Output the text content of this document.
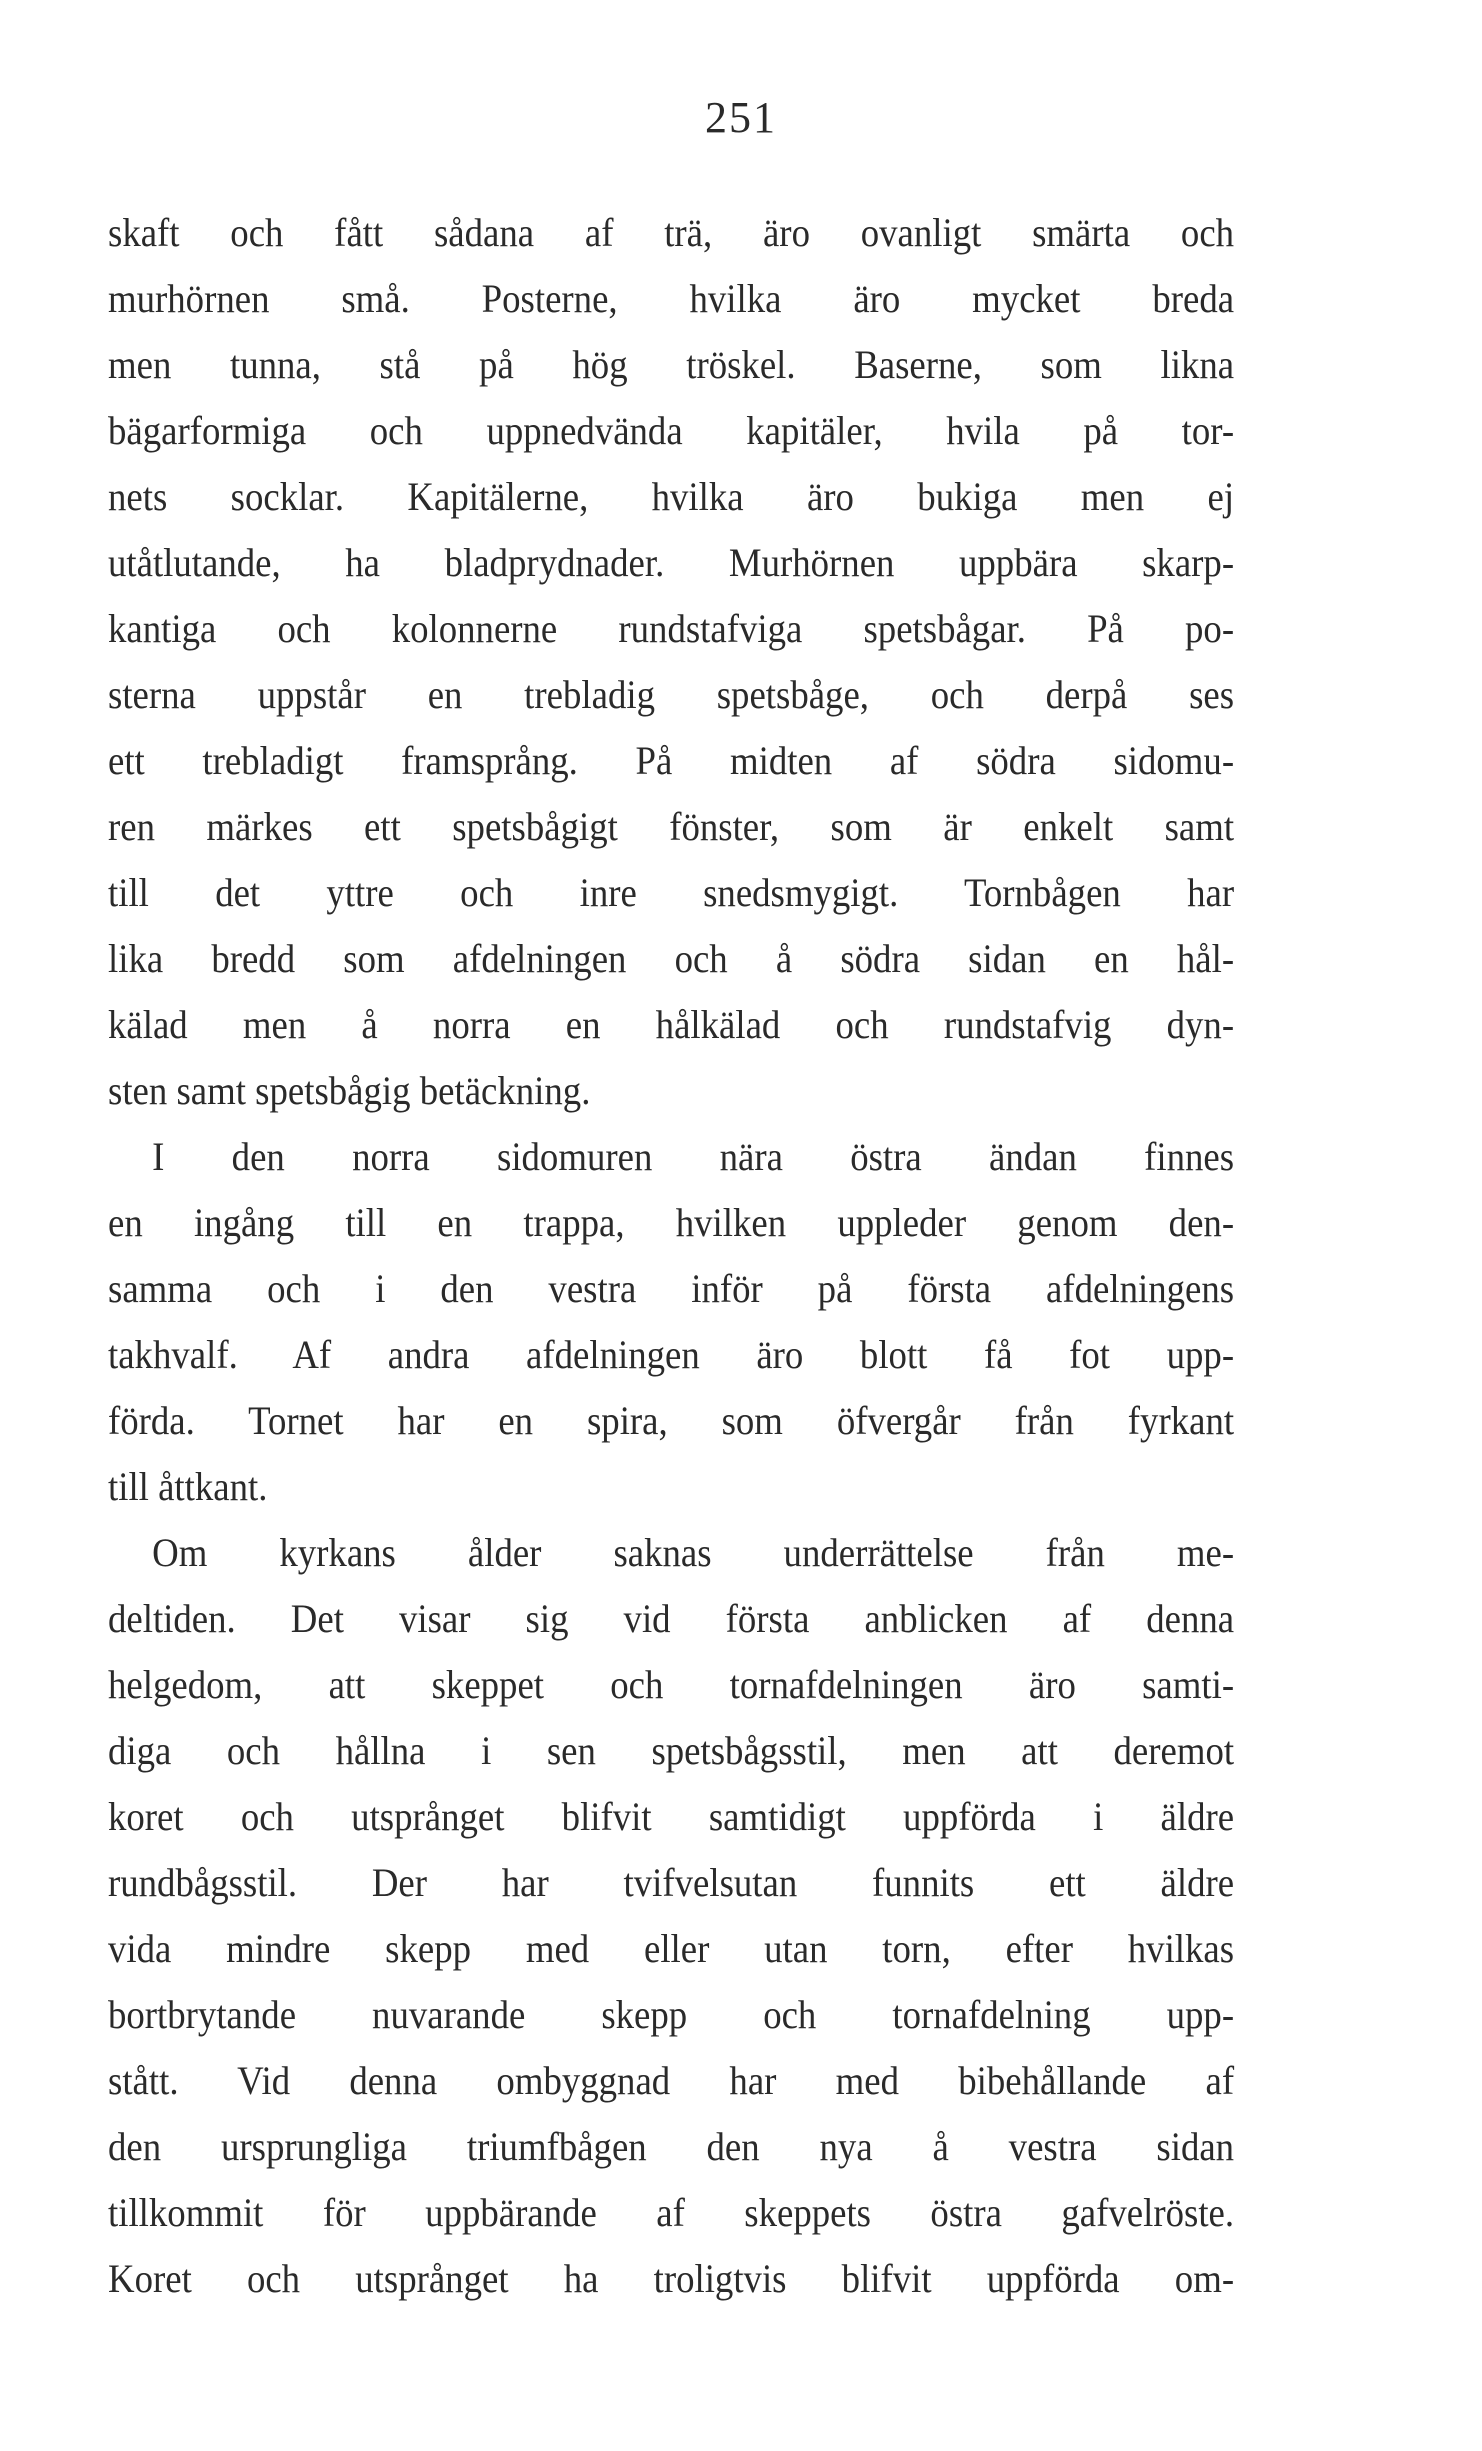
251
skaft och fått sådana af trä, äro ovanligt smärta och
murhörnen små. Posterne, hvilka äro mycket breda
men tunna, stå på hög tröskel. Baserne, som likna
bägarformiga och uppnedvända kapitäler, hvila på tor-
nets socklar. Kapitälerne, hvilka äro bukiga men ej
utåtlutande, ha bladprydnader. Murhörnen uppbära skarp-
kantiga och kolonnerne rundstafviga spetsbågar. På po-
sterna uppstår en trebladig spetsbåge, och derpå ses
ett trebladigt framsprång. På midten af södra sidomu-
ren märkes ett spetsbågigt fönster, som är enkelt samt
till det yttre och inre snedsmygigt. Tornbågen har
lika bredd som afdelningen och å södra sidan en hål-
kälad men å norra en hålkälad och rundstafvig dyn-
sten samt spetsbågig betäckning.
I den norra sidomuren nära östra ändan finnes
en ingång till en trappa, hvilken uppleder genom den-
samma och i den vestra inför på första afdelningens
takhvalf. Af andra afdelningen äro blott få fot upp-
förda. Tornet har en spira, som öfvergår från fyrkant
till åttkant.
Om kyrkans ålder saknas underrättelse från me-
deltiden. Det visar sig vid första anblicken af denna
helgedom, att skeppet och tornafdelningen äro samti-
diga och hållna i sen spetsbågsstil, men att deremot
koret och utsprånget blifvit samtidigt uppförda i äldre
rundbågsstil. Der har tvifvelsutan funnits ett äldre
vida mindre skepp med eller utan torn, efter hvilkas
bortbrytande nuvarande skepp och tornafdelning upp-
stått. Vid denna ombyggnad har med bibehållande af
den ursprungliga triumfbågen den nya å vestra sidan
tillkommit för uppbärande af skeppets östra gafvelröste.
Koret och utsprånget ha troligtvis blifvit uppförda om-
